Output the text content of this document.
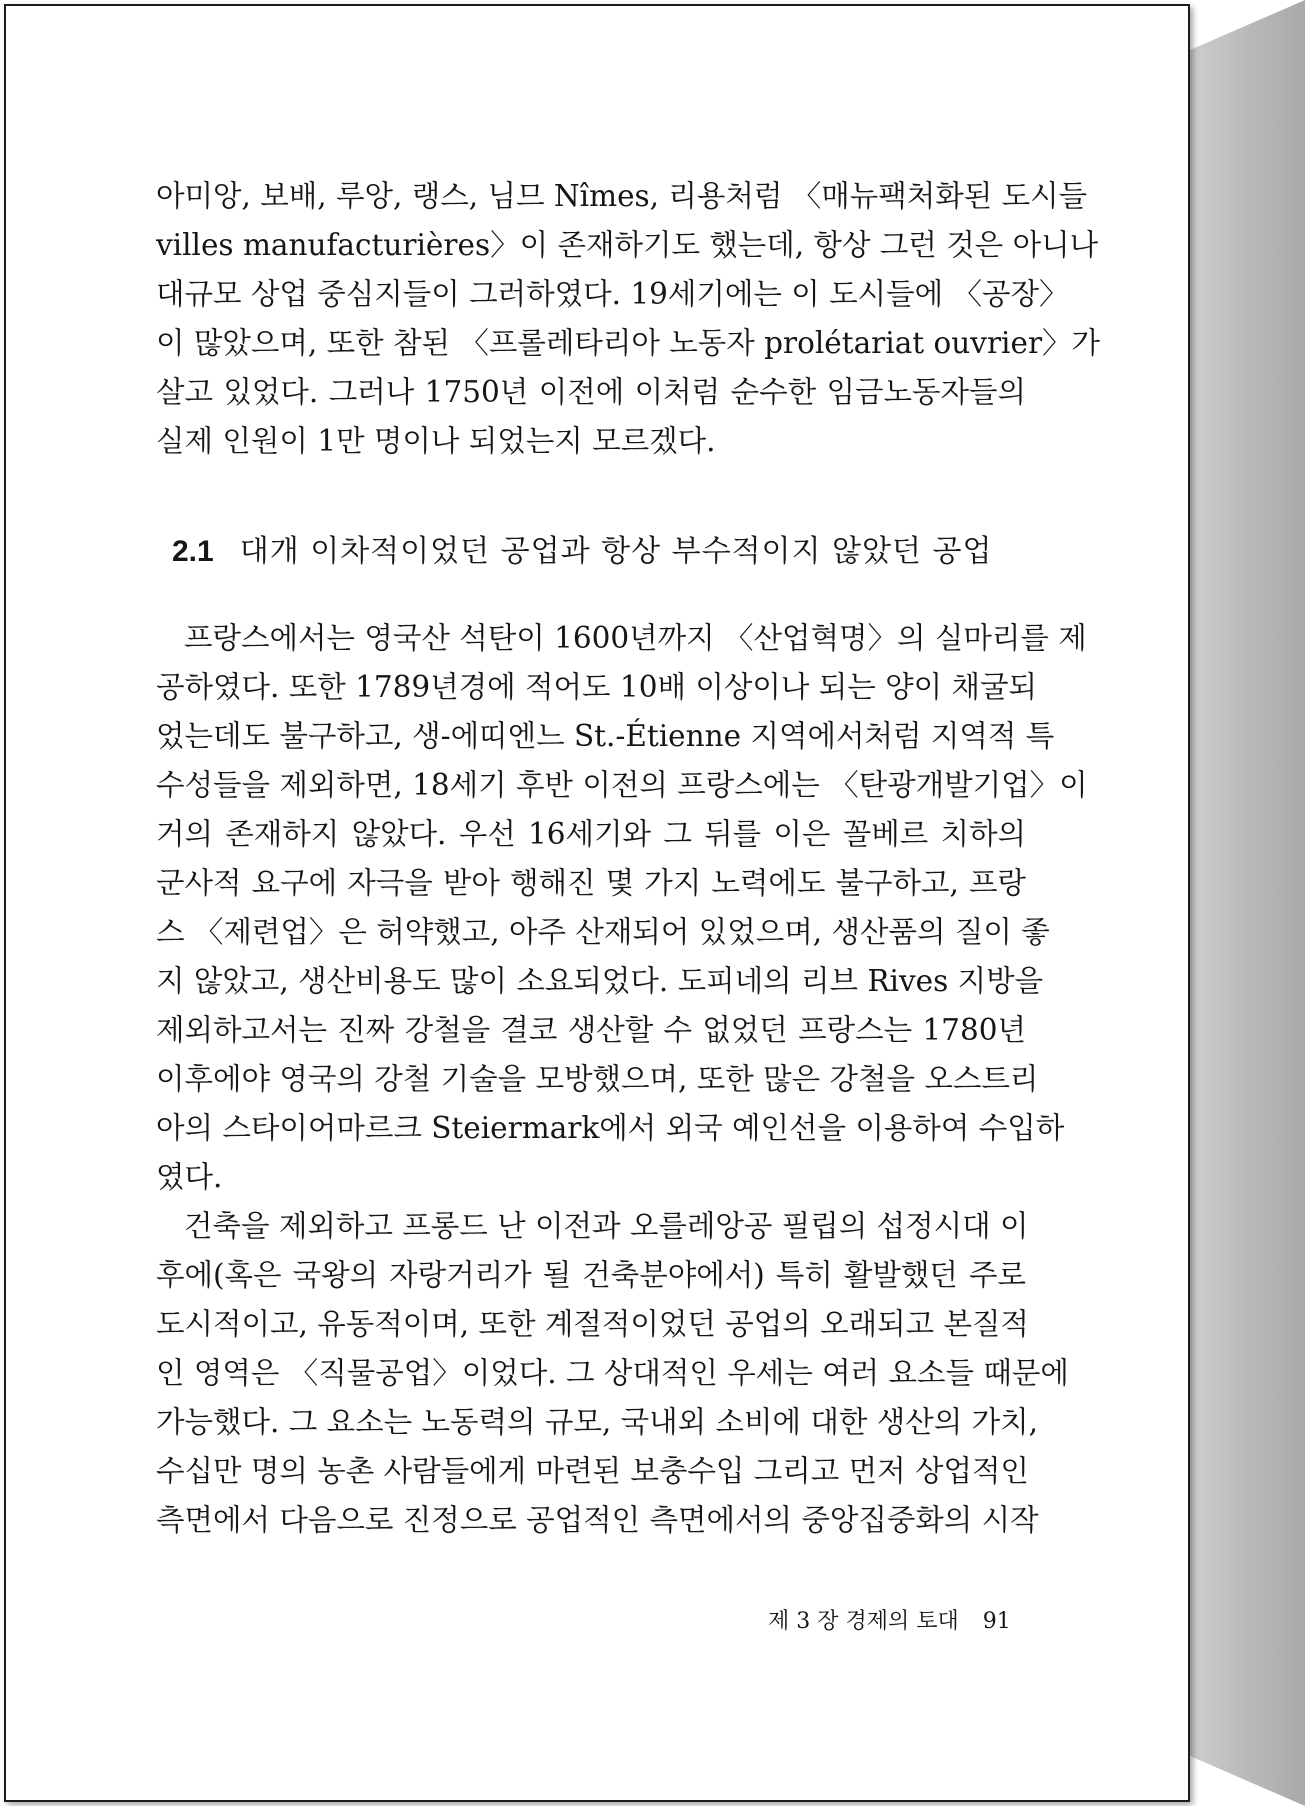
아미앙, 보배, 루앙, 랭스, 님므 Nîmes, 리용처럼 〈매뉴팩처화된 도시들
villes manufacturières〉이 존재하기도 했는데, 항상 그런 것은 아니나
대규모 상업 중심지들이 그러하였다. 19세기에는 이 도시들에 〈공장〉
이 많았으며, 또한 참된 〈프롤레타리아 노동자 prolétariat ouvrier〉가
살고 있었다. 그러나 1750년 이전에 이처럼 순수한 임금노동자들의
실제 인원이 1만 명이나 되었는지 모르겠다.

2.1 대개 이차적이었던 공업과 항상 부수적이지 않았던 공업

프랑스에서는 영국산 석탄이 1600년까지 〈산업혁명〉의 실마리를 제
공하였다. 또한 1789년경에 적어도 10배 이상이나 되는 양이 채굴되
었는데도 불구하고, 생-에띠엔느 St.-Étienne 지역에서처럼 지역적 특
수성들을 제외하면, 18세기 후반 이전의 프랑스에는 〈탄광개발기업〉이
거의 존재하지 않았다. 우선 16세기와 그 뒤를 이은 꼴베르 치하의
군사적 요구에 자극을 받아 행해진 몇 가지 노력에도 불구하고, 프랑
스 〈제련업〉은 허약했고, 아주 산재되어 있었으며, 생산품의 질이 좋
지 않았고, 생산비용도 많이 소요되었다. 도피네의 리브 Rives 지방을
제외하고서는 진짜 강철을 결코 생산할 수 없었던 프랑스는 1780년
이후에야 영국의 강철 기술을 모방했으며, 또한 많은 강철을 오스트리
아의 스타이어마르크 Steiermark에서 외국 예인선을 이용하여 수입하
였다.

건축을 제외하고 프롱드 난 이전과 오를레앙공 필립의 섭정시대 이
후에(혹은 국왕의 자랑거리가 될 건축분야에서) 특히 활발했던 주로
도시적이고, 유동적이며, 또한 계절적이었던 공업의 오래되고 본질적
인 영역은 〈직물공업〉이었다. 그 상대적인 우세는 여러 요소들 때문에
가능했다. 그 요소는 노동력의 규모, 국내외 소비에 대한 생산의 가치,
수십만 명의 농촌 사람들에게 마련된 보충수입 그리고 먼저 상업적인
측면에서 다음으로 진정으로 공업적인 측면에서의 중앙집중화의 시작

제 3 장 경제의 토대 91
